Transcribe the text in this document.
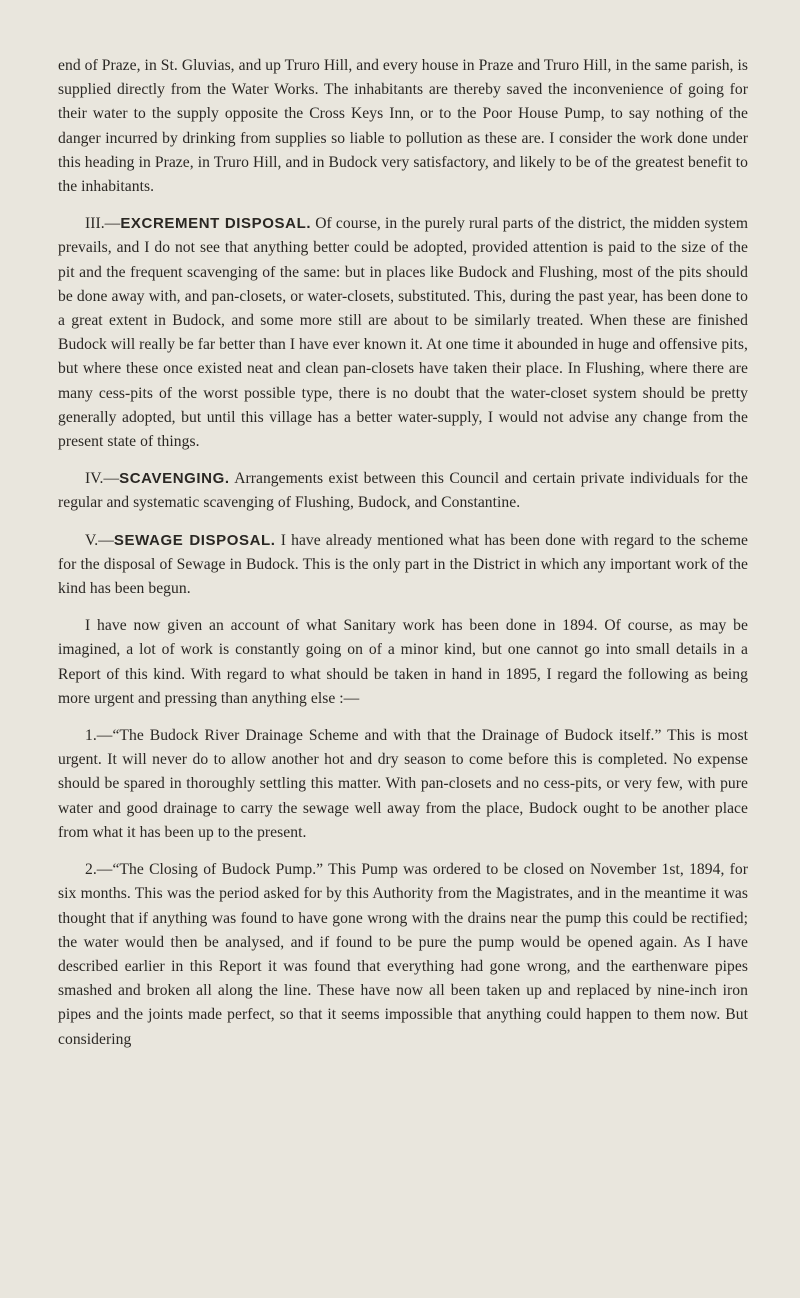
end of Praze, in St. Gluvias, and up Truro Hill, and every house in Praze and Truro Hill, in the same parish, is supplied directly from the Water Works. The inhabitants are thereby saved the inconvenience of going for their water to the supply opposite the Cross Keys Inn, or to the Poor House Pump, to say nothing of the danger incurred by drinking from supplies so liable to pollution as these are. I consider the work done under this heading in Praze, in Truro Hill, and in Budock very satisfactory, and likely to be of the greatest benefit to the inhabitants.

III.—EXCREMENT DISPOSAL. Of course, in the purely rural parts of the district, the midden system prevails, and I do not see that anything better could be adopted, provided attention is paid to the size of the pit and the frequent scavenging of the same: but in places like Budock and Flushing, most of the pits should be done away with, and pan-closets, or water-closets, substituted. This, during the past year, has been done to a great extent in Budock, and some more still are about to be similarly treated. When these are finished Budock will really be far better than I have ever known it. At one time it abounded in huge and offensive pits, but where these once existed neat and clean pan-closets have taken their place. In Flushing, where there are many cess-pits of the worst possible type, there is no doubt that the water-closet system should be pretty generally adopted, but until this village has a better water-supply, I would not advise any change from the present state of things.

IV.—SCAVENGING. Arrangements exist between this Council and certain private individuals for the regular and systematic scavenging of Flushing, Budock, and Constantine.

V.—SEWAGE DISPOSAL. I have already mentioned what has been done with regard to the scheme for the disposal of Sewage in Budock. This is the only part in the District in which any important work of the kind has been begun.

I have now given an account of what Sanitary work has been done in 1894. Of course, as may be imagined, a lot of work is constantly going on of a minor kind, but one cannot go into small details in a Report of this kind. With regard to what should be taken in hand in 1895, I regard the following as being more urgent and pressing than anything else :—

1.—“The Budock River Drainage Scheme and with that the Drainage of Budock itself.” This is most urgent. It will never do to allow another hot and dry season to come before this is completed. No expense should be spared in thoroughly settling this matter. With pan-closets and no cess-pits, or very few, with pure water and good drainage to carry the sewage well away from the place, Budock ought to be another place from what it has been up to the present.

2.—“The Closing of Budock Pump.” This Pump was ordered to be closed on November 1st, 1894, for six months. This was the period asked for by this Authority from the Magistrates, and in the meantime it was thought that if anything was found to have gone wrong with the drains near the pump this could be rectified; the water would then be analysed, and if found to be pure the pump would be opened again. As I have described earlier in this Report it was found that everything had gone wrong, and the earthenware pipes smashed and broken all along the line. These have now all been taken up and replaced by nine-inch iron pipes and the joints made perfect, so that it seems impossible that anything could happen to them now. But considering
